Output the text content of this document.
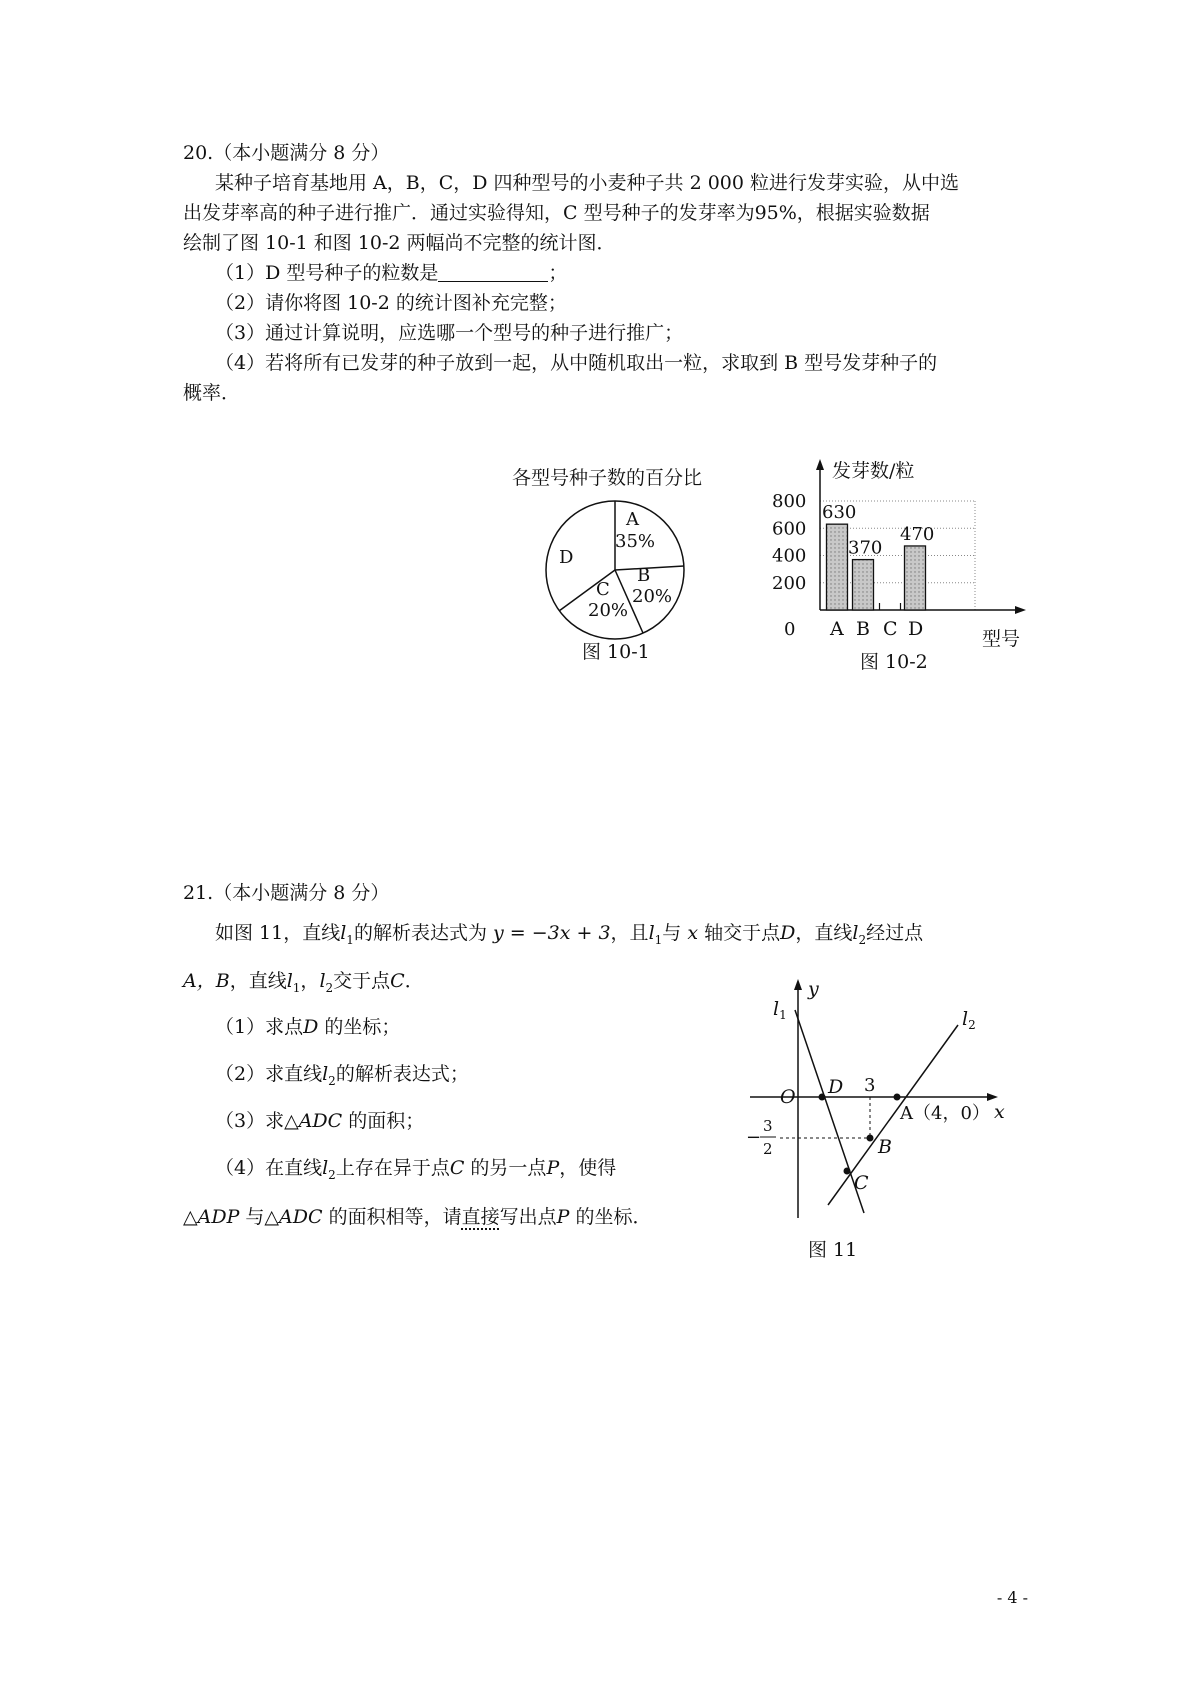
20.（本小题满分 8 分）
某种子培育基地用 A，B，C，D 四种型号的小麦种子共 2 000 粒进行发芽实验，从中选
出发芽率高的种子进行推广．通过实验得知，C 型号种子的发芽率为95%，根据实验数据
绘制了图 10-1 和图 10-2 两幅尚不完整的统计图．
（1）D 型号种子的粒数是	；
（2）请你将图 10-2 的统计图补充完整；
（3）通过计算说明，应选哪一个型号的种子进行推广；
（4）若将所有已发芽的种子放到一起，从中随机取出一粒，求取到 B 型号发芽种子的
概率．
各型号种子数的百分比
A
35%
B
20%
C
20%
D
图 10-1
发芽数/粒
0
200
400
600
800
630
370
470
A B C D	型号
图 10-2
21.（本小题满分 8 分）
如图 11，直线$l_1$的解析表达式为 y = −3x + 3，且$l_1$与 x 轴交于点D，直线$l_2$经过点
A，B，直线$l_1$，$l_2$交于点C．
（1）求点D 的坐标；
（2）求直线$l_2$的解析表达式；
（3）求△ADC 的面积；
（4）在直线$l_2$上存在异于点C 的另一点P，使得
△ADP 与△ADC 的面积相等，请直接写出点P 的坐标．
y
x
O
$l_1$	$l_2$
D 3
A（4，0）
B
C
−
3
2
图 11
- 4 -
